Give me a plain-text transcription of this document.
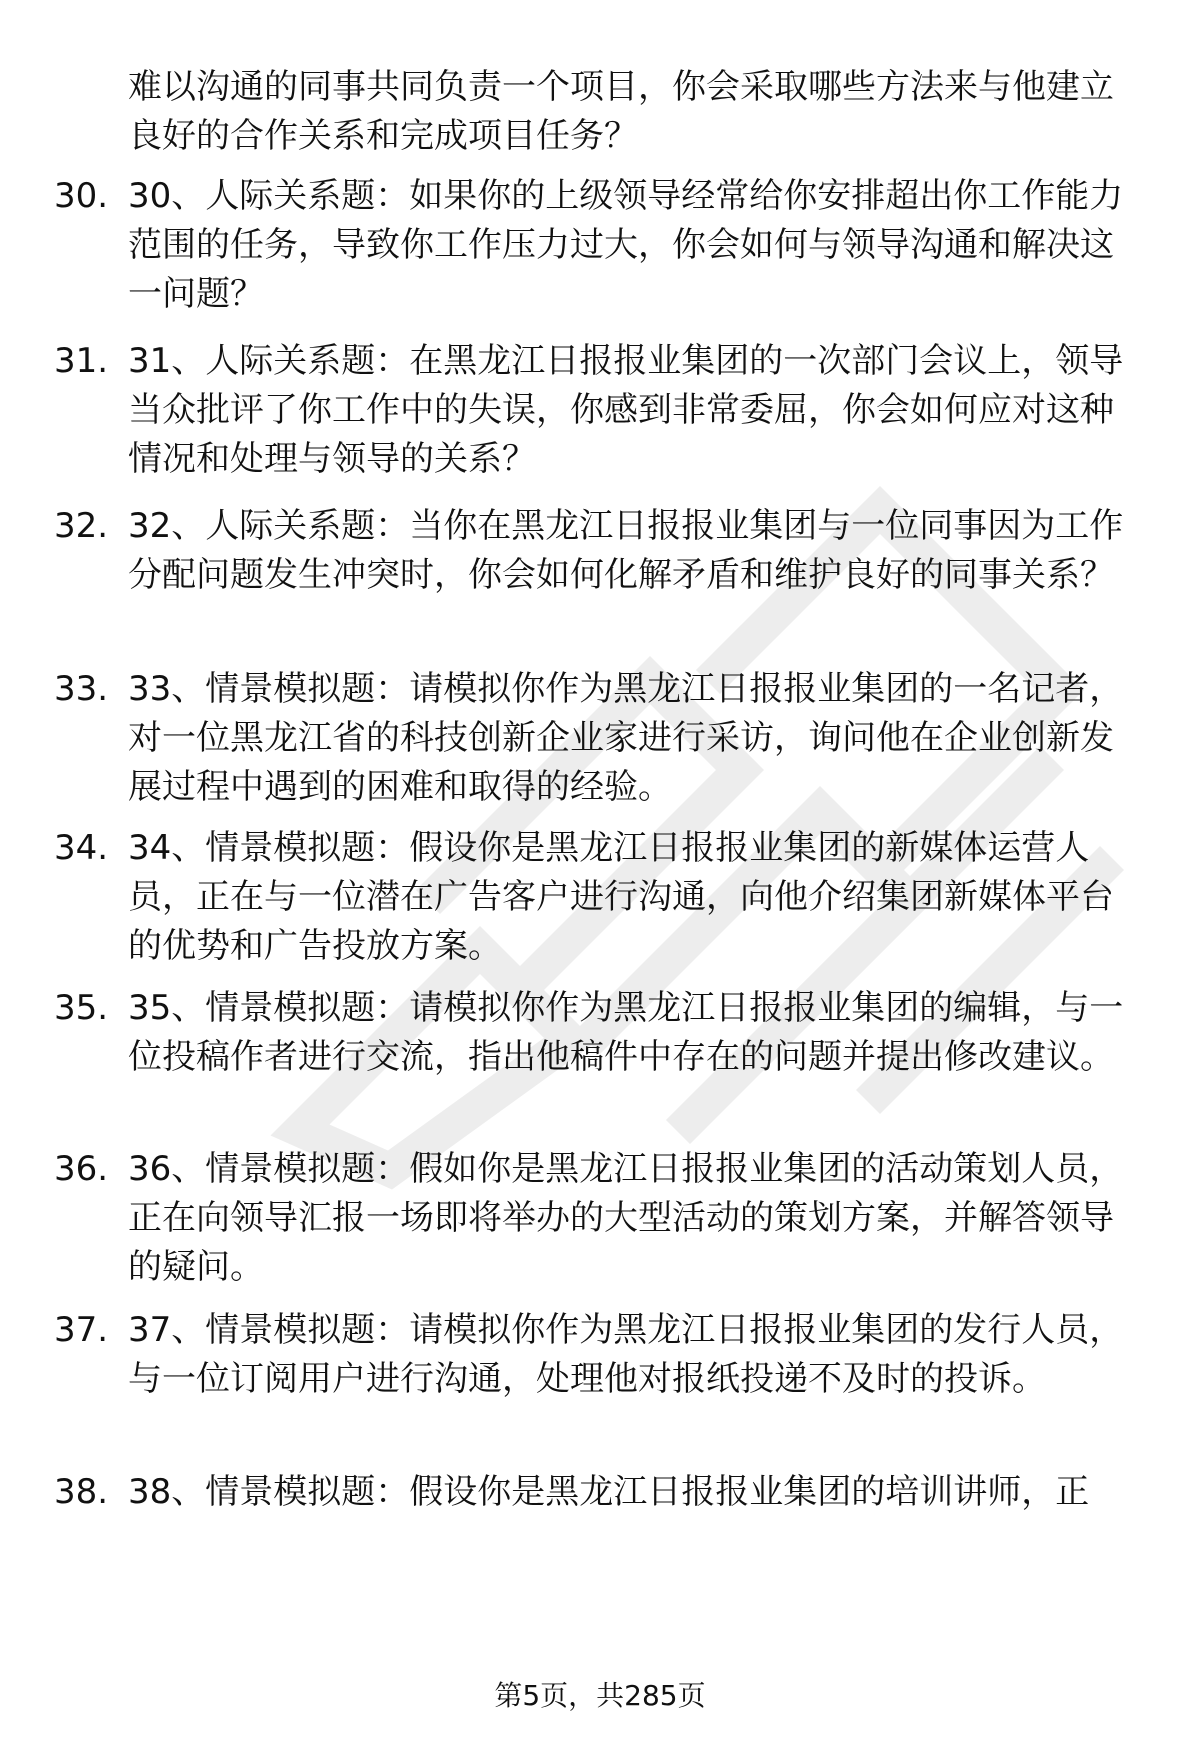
难以沟通的同事共同负责一个项目，你会采取哪些方法来与他建立良好的合作关系和完成项目任务？
30. 30、人际关系题：如果你的上级领导经常给你安排超出你工作能力范围的任务，导致你工作压力过大，你会如何与领导沟通和解决这一问题？
31. 31、人际关系题：在黑龙江日报报业集团的一次部门会议上，领导当众批评了你工作中的失误，你感到非常委屈，你会如何应对这种情况和处理与领导的关系？
32. 32、人际关系题：当你在黑龙江日报报业集团与一位同事因为工作分配问题发生冲突时，你会如何化解矛盾和维护良好的同事关系？
33. 33、情景模拟题：请模拟你作为黑龙江日报报业集团的一名记者，对一位黑龙江省的科技创新企业家进行采访，询问他在企业创新发展过程中遇到的困难和取得的经验。
34. 34、情景模拟题：假设你是黑龙江日报报业集团的新媒体运营人员，正在与一位潜在广告客户进行沟通，向他介绍集团新媒体平台的优势和广告投放方案。
35. 35、情景模拟题：请模拟你作为黑龙江日报报业集团的编辑，与一位投稿作者进行交流，指出他稿件中存在的问题并提出修改建议。
36. 36、情景模拟题：假如你是黑龙江日报报业集团的活动策划人员，正在向领导汇报一场即将举办的大型活动的策划方案，并解答领导的疑问。
37. 37、情景模拟题：请模拟你作为黑龙江日报报业集团的发行人员，与一位订阅用户进行沟通，处理他对报纸投递不及时的投诉。
38. 38、情景模拟题：假设你是黑龙江日报报业集团的培训讲师，正
第5页，共285页
